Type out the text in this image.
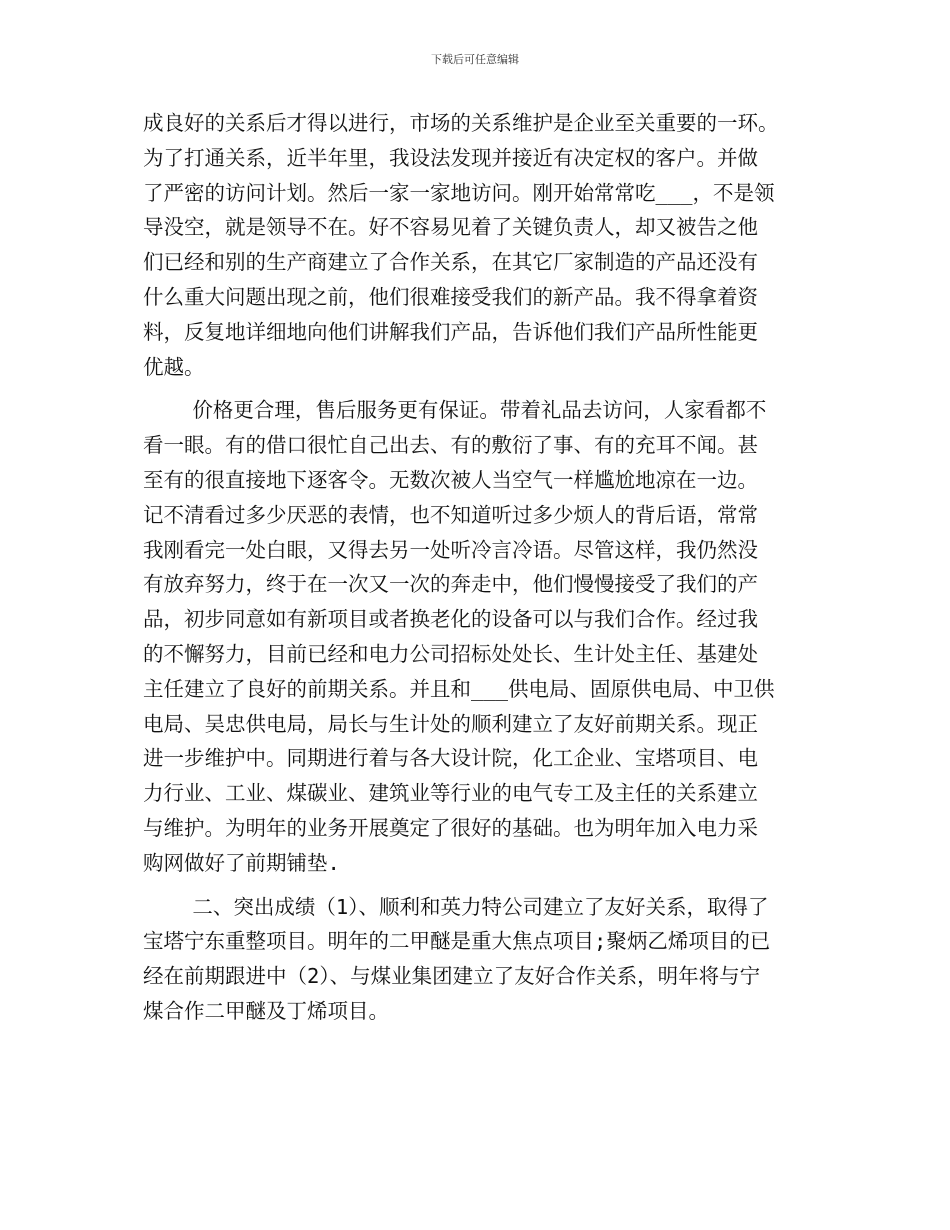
下载后可任意编辑
成良好的关系后才得以进行，市场的关系维护是企业至关重要的一环。
为了打通关系，近半年里，我设法发现并接近有决定权的客户。并做
了严密的访问计划。然后一家一家地访问。刚开始常常吃___，不是领
导没空，就是领导不在。好不容易见着了关键负责人，却又被告之他
们已经和别的生产商建立了合作关系，在其它厂家制造的产品还没有
什么重大问题出现之前，他们很难接受我们的新产品。我不得拿着资
料，反复地详细地向他们讲解我们产品，告诉他们我们产品所性能更
优越。
价格更合理，售后服务更有保证。带着礼品去访问，人家看都不
看一眼。有的借口很忙自己出去、有的敷衍了事、有的充耳不闻。甚
至有的很直接地下逐客令。无数次被人当空气一样尴尬地凉在一边。
记不清看过多少厌恶的表情，也不知道听过多少烦人的背后语，常常
我刚看完一处白眼，又得去另一处听冷言冷语。尽管这样，我仍然没
有放弃努力，终于在一次又一次的奔走中，他们慢慢接受了我们的产
品，初步同意如有新项目或者换老化的设备可以与我们合作。经过我
的不懈努力，目前已经和电力公司招标处处长、生计处主任、基建处
主任建立了良好的前期关系。并且和___供电局、固原供电局、中卫供
电局、吴忠供电局，局长与生计处的顺利建立了友好前期关系。现正
进一步维护中。同期进行着与各大设计院，化工企业、宝塔项目、电
力行业、工业、煤碳业、建筑业等行业的电气专工及主任的关系建立
与维护。为明年的业务开展奠定了很好的基础。也为明年加入电力采
购网做好了前期铺垫.
二、突出成绩（1）、顺利和英力特公司建立了友好关系，取得了
宝塔宁东重整项目。明年的二甲醚是重大焦点项目;聚炳乙烯项目的已
经在前期跟进中（2）、与煤业集团建立了友好合作关系，明年将与宁
煤合作二甲醚及丁烯项目。
